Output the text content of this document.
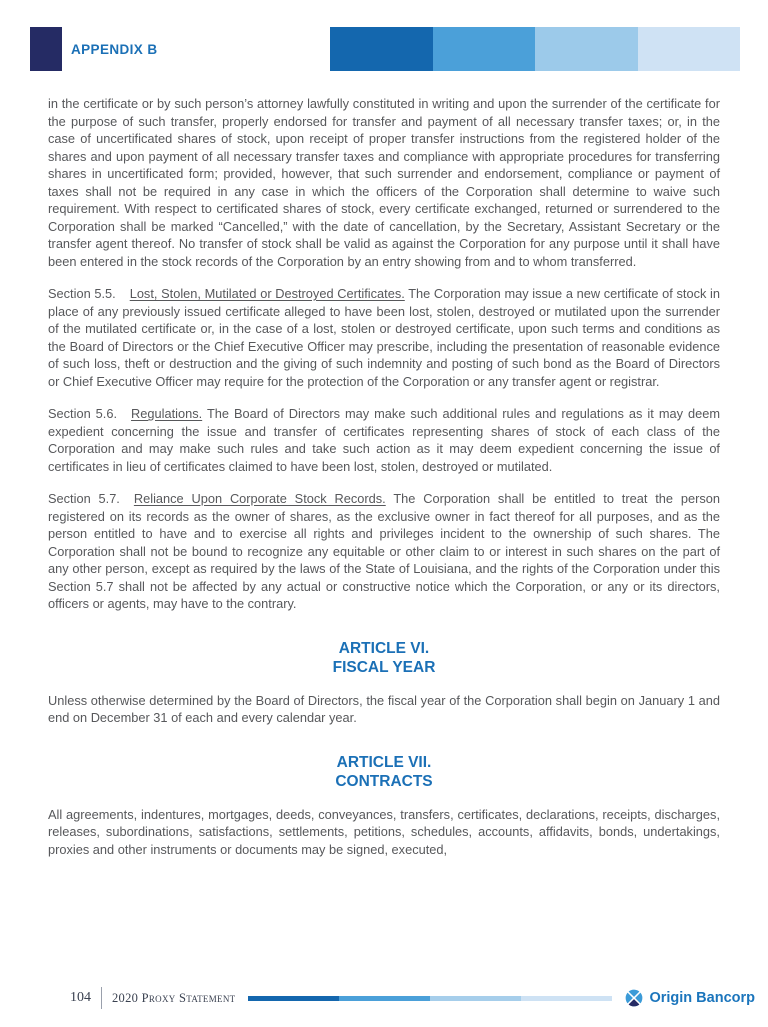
APPENDIX B

in the certificate or by such person’s attorney lawfully constituted in writing and upon the surrender of the certificate for the purpose of such transfer, properly endorsed for transfer and payment of all necessary transfer taxes; or, in the case of uncertificated shares of stock, upon receipt of proper transfer instructions from the registered holder of the shares and upon payment of all necessary transfer taxes and compliance with appropriate procedures for transferring shares in uncertificated form; provided, however, that such surrender and endorsement, compliance or payment of taxes shall not be required in any case in which the officers of the Corporation shall determine to waive such requirement. With respect to certificated shares of stock, every certificate exchanged, returned or surrendered to the Corporation shall be marked “Cancelled,” with the date of cancellation, by the Secretary, Assistant Secretary or the transfer agent thereof. No transfer of stock shall be valid as against the Corporation for any purpose until it shall have been entered in the stock records of the Corporation by an entry showing from and to whom transferred.

Section 5.5. Lost, Stolen, Mutilated or Destroyed Certificates. The Corporation may issue a new certificate of stock in place of any previously issued certificate alleged to have been lost, stolen, destroyed or mutilated upon the surrender of the mutilated certificate or, in the case of a lost, stolen or destroyed certificate, upon such terms and conditions as the Board of Directors or the Chief Executive Officer may prescribe, including the presentation of reasonable evidence of such loss, theft or destruction and the giving of such indemnity and posting of such bond as the Board of Directors or Chief Executive Officer may require for the protection of the Corporation or any transfer agent or registrar.

Section 5.6. Regulations. The Board of Directors may make such additional rules and regulations as it may deem expedient concerning the issue and transfer of certificates representing shares of stock of each class of the Corporation and may make such rules and take such action as it may deem expedient concerning the issue of certificates in lieu of certificates claimed to have been lost, stolen, destroyed or mutilated.

Section 5.7. Reliance Upon Corporate Stock Records. The Corporation shall be entitled to treat the person registered on its records as the owner of shares, as the exclusive owner in fact thereof for all purposes, and as the person entitled to have and to exercise all rights and privileges incident to the ownership of such shares. The Corporation shall not be bound to recognize any equitable or other claim to or interest in such shares on the part of any other person, except as required by the laws of the State of Louisiana, and the rights of the Corporation under this Section 5.7 shall not be affected by any actual or constructive notice which the Corporation, or any or its directors, officers or agents, may have to the contrary.

ARTICLE VI.
FISCAL YEAR

Unless otherwise determined by the Board of Directors, the fiscal year of the Corporation shall begin on January 1 and end on December 31 of each and every calendar year.

ARTICLE VII.
CONTRACTS

All agreements, indentures, mortgages, deeds, conveyances, transfers, certificates, declarations, receipts, discharges, releases, subordinations, satisfactions, settlements, petitions, schedules, accounts, affidavits, bonds, undertakings, proxies and other instruments or documents may be signed, executed,

104 2020 Proxy Statement	Origin Bancorp
